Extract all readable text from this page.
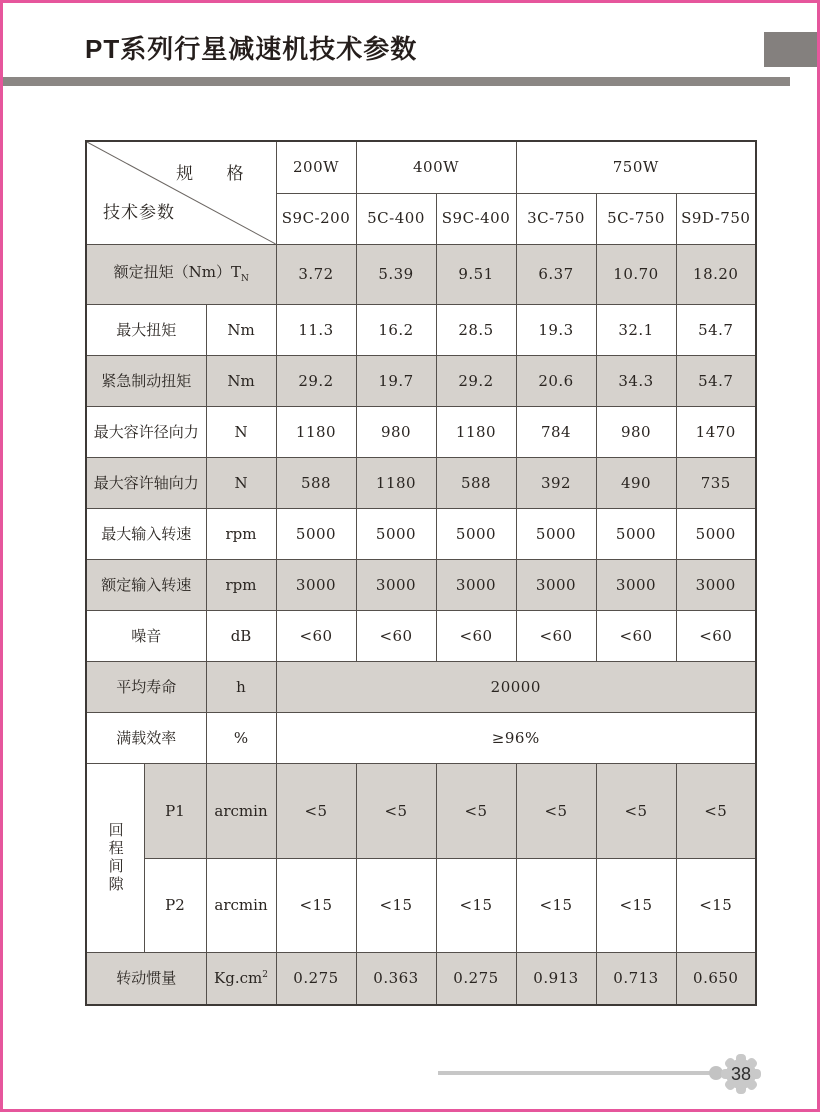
PT系列行星减速机技术参数
规 格
技术参数			200W	400W		750W		
			S9C-200	5C-400	S9C-400	3C-750	5C-750	S9D-750
额定扭矩$(Nm)T_N$			3.72	5.39	9.51	6.37	10.70	18.20
最大扭矩		Nm	11.3	16.2	28.5	19.3	32.1	54.7
紧急制动扭矩		Nm	29.2	19.7	29.2	20.6	34.3	54.7
最大容许径向力		N	1180	980	1180	784	980	1470
最大容许轴向力		N	588	1180	588	392	490	735
最大输入转速		rpm	5000	5000	5000	5000	5000	5000
额定输入转速		rpm	3000	3000	3000	3000	3000	3000
噪音		dB	<60	<60	<60	<60	<60	<60
平均寿命		h	20000					
满载效率		%	≥96%					
回程间隙	P1	arcmin	<5	<5	<5	<5	<5	<5
	P2	arcmin	<15	<15	<15	<15	<15	<15
转动惯量		$Kg.cm^2$	0.275	0.363	0.275	0.913	0.713	0.650
38
